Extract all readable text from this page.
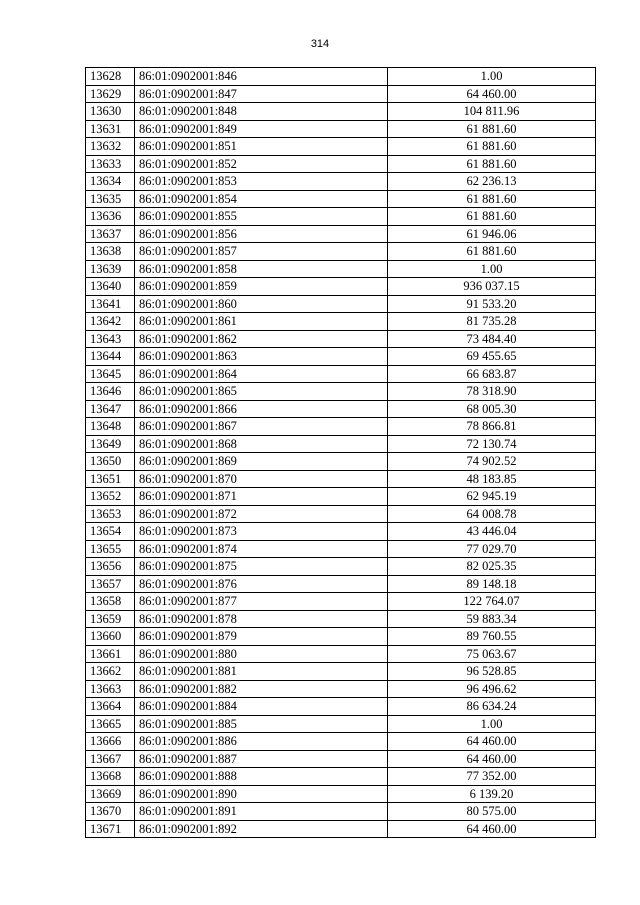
314
13628	86:01:0902001:846	1.00
13629	86:01:0902001:847	64 460.00
13630	86:01:0902001:848	104 811.96
13631	86:01:0902001:849	61 881.60
13632	86:01:0902001:851	61 881.60
13633	86:01:0902001:852	61 881.60
13634	86:01:0902001:853	62 236.13
13635	86:01:0902001:854	61 881.60
13636	86:01:0902001:855	61 881.60
13637	86:01:0902001:856	61 946.06
13638	86:01:0902001:857	61 881.60
13639	86:01:0902001:858	1.00
13640	86:01:0902001:859	936 037.15
13641	86:01:0902001:860	91 533.20
13642	86:01:0902001:861	81 735.28
13643	86:01:0902001:862	73 484.40
13644	86:01:0902001:863	69 455.65
13645	86:01:0902001:864	66 683.87
13646	86:01:0902001:865	78 318.90
13647	86:01:0902001:866	68 005.30
13648	86:01:0902001:867	78 866.81
13649	86:01:0902001:868	72 130.74
13650	86:01:0902001:869	74 902.52
13651	86:01:0902001:870	48 183.85
13652	86:01:0902001:871	62 945.19
13653	86:01:0902001:872	64 008.78
13654	86:01:0902001:873	43 446.04
13655	86:01:0902001:874	77 029.70
13656	86:01:0902001:875	82 025.35
13657	86:01:0902001:876	89 148.18
13658	86:01:0902001:877	122 764.07
13659	86:01:0902001:878	59 883.34
13660	86:01:0902001:879	89 760.55
13661	86:01:0902001:880	75 063.67
13662	86:01:0902001:881	96 528.85
13663	86:01:0902001:882	96 496.62
13664	86:01:0902001:884	86 634.24
13665	86:01:0902001:885	1.00
13666	86:01:0902001:886	64 460.00
13667	86:01:0902001:887	64 460.00
13668	86:01:0902001:888	77 352.00
13669	86:01:0902001:890	6 139.20
13670	86:01:0902001:891	80 575.00
13671	86:01:0902001:892	64 460.00
